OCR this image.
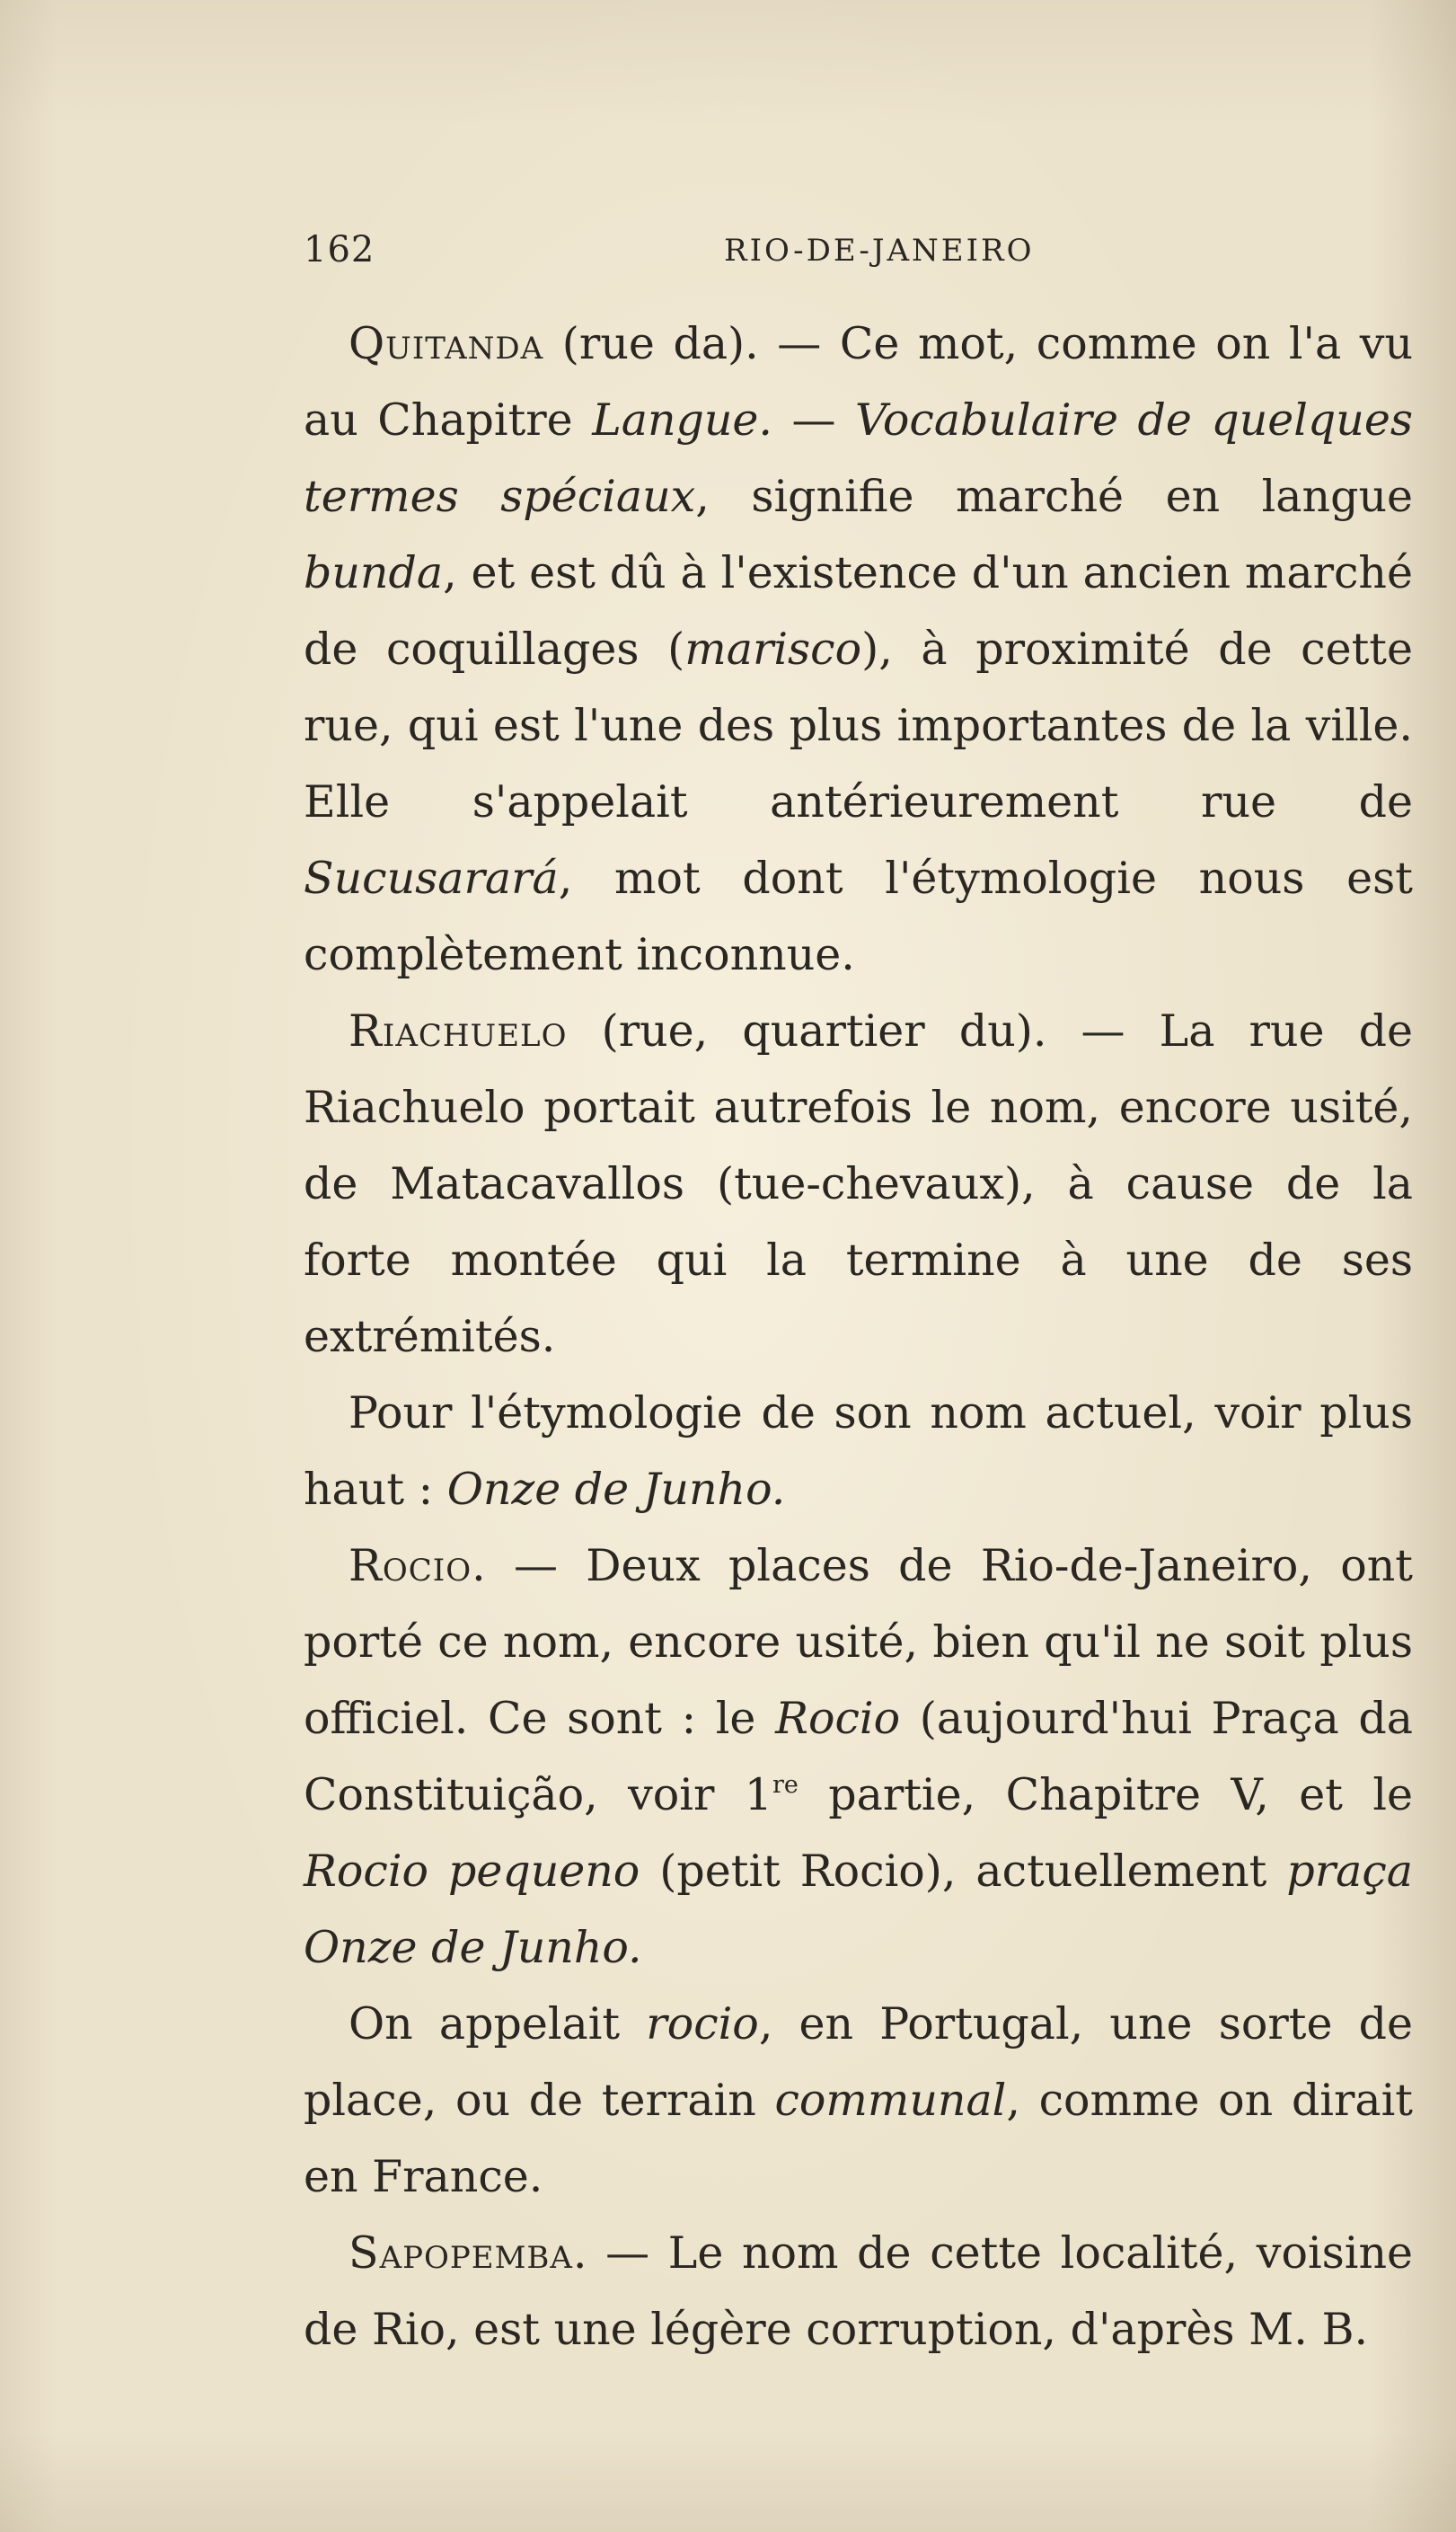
162	RIO-DE-JANEIRO

Quitanda (rue da). — Ce mot, comme on l'a vu au Chapitre Langue. — Vocabulaire de quelques termes spéciaux, signifie marché en langue bunda, et est dû à l'existence d'un ancien marché de coquillages (marisco), à proximité de cette rue, qui est l'une des plus importantes de la ville. Elle s'appelait antérieurement rue de Sucusarará, mot dont l'étymologie nous est complètement inconnue.

Riachuelo (rue, quartier du). — La rue de Riachuelo portait autrefois le nom, encore usité, de Matacavallos (tue-chevaux), à cause de la forte montée qui la termine à une de ses extrémités.

Pour l'étymologie de son nom actuel, voir plus haut : Onze de Junho.

Rocio. — Deux places de Rio-de-Janeiro, ont porté ce nom, encore usité, bien qu'il ne soit plus officiel. Ce sont : le Rocio (aujourd'hui Praça da Constituição, voir 1re partie, Chapitre V, et le Rocio pequeno (petit Rocio), actuellement praça Onze de Junho.

On appelait rocio, en Portugal, une sorte de place, ou de terrain communal, comme on dirait en France.

Sapopemba. — Le nom de cette localité, voisine de Rio, est une légère corruption, d'après M. B.
